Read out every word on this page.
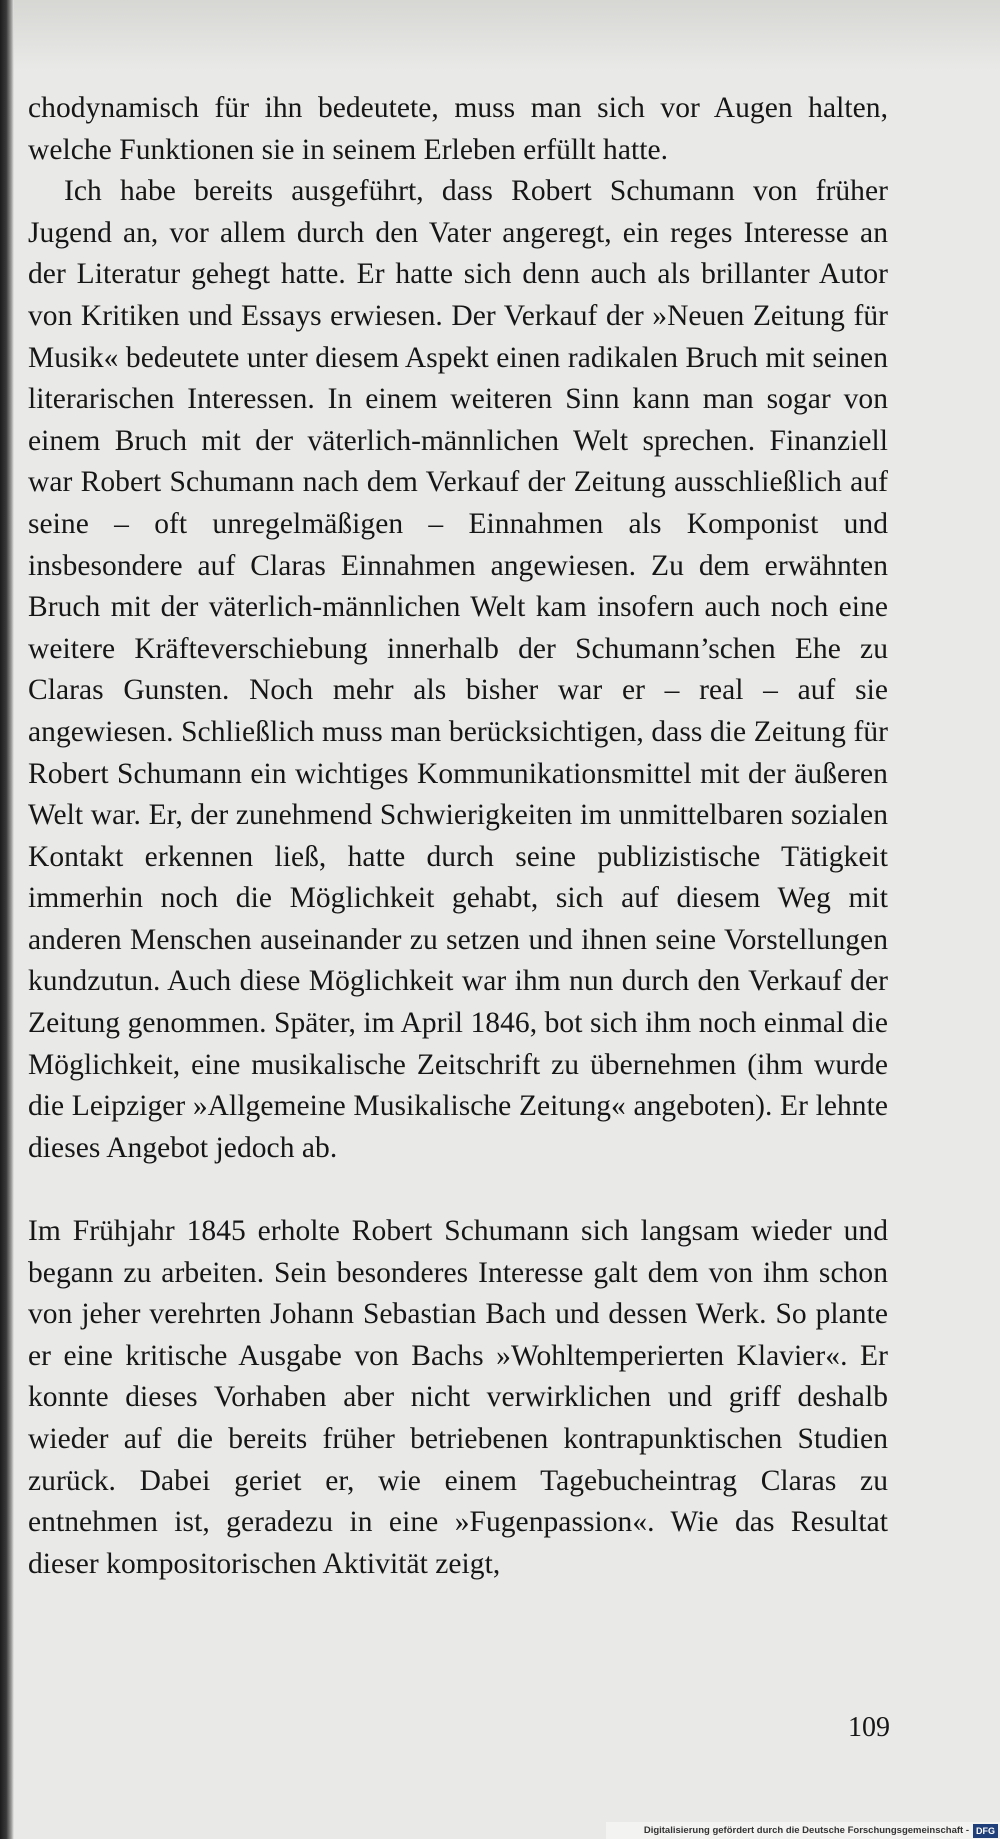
chodynamisch für ihn bedeutete, muss man sich vor Augen halten, welche Funktionen sie in seinem Erleben erfüllt hatte.

Ich habe bereits ausgeführt, dass Robert Schumann von früher Jugend an, vor allem durch den Vater angeregt, ein reges Interesse an der Literatur gehegt hatte. Er hatte sich denn auch als brillanter Autor von Kritiken und Essays erwiesen. Der Verkauf der »Neuen Zeitung für Musik« bedeutete unter diesem Aspekt einen radikalen Bruch mit seinen literarischen Interessen. In einem weiteren Sinn kann man sogar von einem Bruch mit der väterlich-männlichen Welt sprechen. Finanziell war Robert Schumann nach dem Verkauf der Zeitung ausschließlich auf seine – oft unregelmäßigen – Einnahmen als Komponist und insbesondere auf Claras Einnahmen angewiesen. Zu dem erwähnten Bruch mit der väterlich-männlichen Welt kam insofern auch noch eine weitere Kräfteverschiebung innerhalb der Schumann’schen Ehe zu Claras Gunsten. Noch mehr als bisher war er – real – auf sie angewiesen. Schließlich muss man berücksichtigen, dass die Zeitung für Robert Schumann ein wichtiges Kommunikationsmittel mit der äußeren Welt war. Er, der zunehmend Schwierigkeiten im unmittelbaren sozialen Kontakt erkennen ließ, hatte durch seine publizistische Tätigkeit immerhin noch die Möglichkeit gehabt, sich auf diesem Weg mit anderen Menschen auseinander zu setzen und ihnen seine Vorstellungen kundzutun. Auch diese Möglichkeit war ihm nun durch den Verkauf der Zeitung genommen. Später, im April 1846, bot sich ihm noch einmal die Möglichkeit, eine musikalische Zeitschrift zu übernehmen (ihm wurde die Leipziger »Allgemeine Musikalische Zeitung« angeboten). Er lehnte dieses Angebot jedoch ab.

Im Frühjahr 1845 erholte Robert Schumann sich langsam wieder und begann zu arbeiten. Sein besonderes Interesse galt dem von ihm schon von jeher verehrten Johann Sebastian Bach und dessen Werk. So plante er eine kritische Ausgabe von Bachs »Wohltemperierten Klavier«. Er konnte dieses Vorhaben aber nicht verwirklichen und griff deshalb wieder auf die bereits früher betriebenen kontrapunktischen Studien zurück. Dabei geriet er, wie einem Tagebucheintrag Claras zu entnehmen ist, geradezu in eine »Fugenpassion«. Wie das Resultat dieser kompositorischen Aktivität zeigt,

109
Digitalisierung gefördert durch die Deutsche Forschungsgemeinschaft - DFG
